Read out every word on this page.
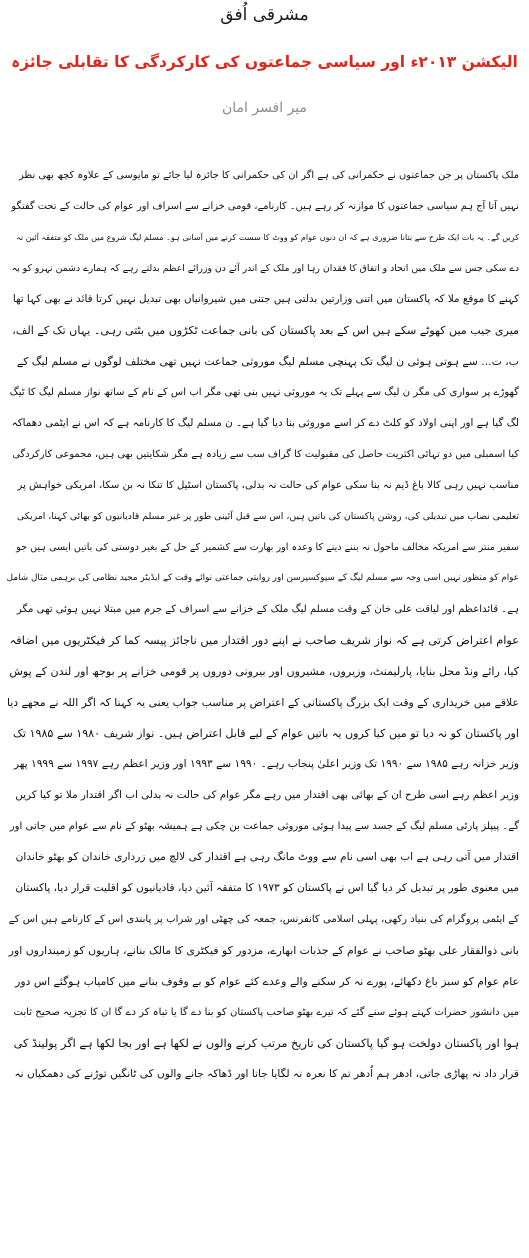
مشرقی اُفق
الیکشن ۲۰۱۳ء اور سیاسی جماعتوں کی کارکردگی کا تقابلی جائزہ
میر افسر امان
ملک پاکستان پر جن جماعتوں نے حکمرانی کی ہے اگر ان کی حکمرانی کا جائزہ لیا جائے تو مایوسی کے علاوہ کچھ بھی نظر
نہیں آتا آج ہم سیاسی جماعتوں کا موازنہ کر رہے ہیں۔ کارنامے، قومی خزانے سے اسراف اور عوام کی حالت کے تحت گفتگو
کریں گے۔ یہ بات ایک طرح سے بتانا ضروری ہے کہ ان دنوں عوام کو ووٹ کا سست کرنے میں آسانی ہو۔ مسلم لیگ شروع میں ملک کو متفقہ آئین نہ
دے سکی جس سے ملک میں اتحاد و اتفاق کا فقدان رہا اور ملک کے اندر آئے دن وزرائے اعظم بدلتے رہے کہ ہمارے دشمن نہرو کو یہ
کہنے کا موقع ملا کہ پاکستان میں اتنی وزارتیں بدلتی ہیں جتنی میں شیروانیاں بھی تبدیل نہیں کرتا قائد نے بھی کہا تھا
میری جیب میں کھوٹے سکے ہیں اس کے بعد پاکستان کی بانی جماعت ٹکڑوں میں بٹتی رہی۔ یہاں تک کے الف،
ب، ت... سے ہوتی ہوئی ن لیگ تک پہنچی مسلم لیگ موروثی جماعت نہیں تھی مختلف لوگوں نے مسلم لیگ کے
گھوڑے پر سواری کی مگر ن لیگ سے پہلے تک یہ موروثی نہیں بنی تھی مگر اب اس کے نام کے ساتھ نواز مسلم لیگ کا ٹیگ
لگ گیا ہے اور اپنی اولاد کو کلٹ دے کر اسے موروثی بنا دیا گیا ہے۔ ن مسلم لیگ کا کارنامہ ہے کہ اس نے ایٹمی دھماکہ
کیا اسمبلی میں دو تہائی اکثریت حاصل کی مقبولیت کا گراف سب سے زیادہ ہے مگر شکایتیں بھی ہیں، مجموعی کارکردگی
مناسب نہیں رہی کالا باغ ڈیم نہ بنا سکی عوام کی حالت نہ بدلی، پاکستان اسٹیل کا تنکا نہ بن سکا، امریکی خواہش پر
تعلیمی نصاب میں تبدیلی کی، روشن پاکستان کی باتیں ہیں، اس سے قبل آئینی طور پر غیر مسلم قادیانیوں کو بھائی کہنا، امریکی
سفیر منتر سے امریکہ مخالف ماحول نہ بننے دینے کا وعدہ اور بھارت سے کشمیر کے حل کے بغیر دوستی کی باتیں ایسی ہیں جو
عوام کو منظور نہیں اسی وجہ سے مسلم لیگ کے سپوکسپرسن اور روایتی جماعتی نوائے وقت کے ایڈیٹر مجید نظامی کی برہمی مثال شامل
ہے۔ قائداعظم اور لیاقت علی خان کے وقت مسلم لیگ ملک کے خزانے سے اسراف کے جرم میں مبتلا نہیں ہوئی تھی مگر
عوام اعتراض کرتی ہے کہ نواز شریف صاحب نے اپنے دور اقتدار میں ناجائز پیسہ کما کر فیکٹریوں میں اضافہ
کیا، رائے ونڈ محل بنایا، پارلیمنٹ، وزیروں، مشیروں اور بیرونی دوروں پر قومی خزانے پر بوجھ اور لندن کے پوش
علاقے میں خریداری کے وقت ایک بزرگ پاکستانی کے اعتراض پر مناسب جواب یعنی یہ کہنا کہ اگر اللہ نے مجھے دیا
اور پاکستان کو نہ دیا تو میں کیا کروں یہ باتیں عوام کے لیے قابل اعتراض ہیں۔ نواز شریف ۱۹۸۰ سے ۱۹۸۵ تک
وزیر خزانہ رہے ۱۹۸۵ سے ۱۹۹۰ تک وزیر اعلیٰ پنجاب رہے۔ ۱۹۹۰ سے ۱۹۹۳ اور وزیر اعظم رہے ۱۹۹۷ سے ۱۹۹۹ پھر
وزیر اعظم رہے اسی طرح ان کے بھائی بھی اقتدار میں رہے مگر عوام کی حالت نہ بدلی اب اگر اقتدار ملا تو کیا کریں
گے۔ پیپلز پارٹی مسلم لیگ کے جسد سے پیدا ہوئی موروثی جماعت بن چکی ہے ہمیشہ بھٹو کے نام سے عوام میں جاتی اور
اقتدار میں آتی رہی ہے اب بھی اسی نام سے ووٹ مانگ رہی ہے اقتدار کی لالچ میں زرداری خاندان کو بھٹو خاندان
میں معنوی طور پر تبدیل کر دیا گیا اس نے پاکستان کو ۱۹۷۳ کا متفقہ آئین دیا، قادیانیوں کو اقلیت قرار دیا، پاکستان
کے ایٹمی پروگرام کی بنیاد رکھی، پہلی اسلامی کانفرنس، جمعہ کی چھٹی اور شراب پر پابندی اس کے کارنامے ہیں اس کے
بانی ذوالفقار علی بھٹو صاحب نے عوام کے جذبات ابھارے، مزدور کو فیکٹری کا مالک بنانے، ہاریوں کو زمینداروں اور
عام عوام کو سبز باغ دکھائے، پورے نہ کر سکنے والے وعدے کئے عوام کو بے وقوف بنانے میں کامیاب ہوگئے اس دور
میں دانشور حضرات کہتے ہوئے سنے گئے کہ تیرے بھٹو صاحب پاکستان کو بنا دے گا یا تباہ کر دے گا ان کا تجزیہ صحیح ثابت
ہوا اور پاکستان دولخت ہو گیا پاکستان کی تاریخ مرتب کرنے والوں نے لکھا ہے اور بجا لکھا ہے اگر پولینڈ کی
قرار داد نہ پھاڑی جاتی، ادھر ہم اُدھر تم کا نعرہ نہ لگایا جاتا اور ڈھاکہ جانے والوں کی ٹانگیں توڑنے کی دھمکیاں نہ
